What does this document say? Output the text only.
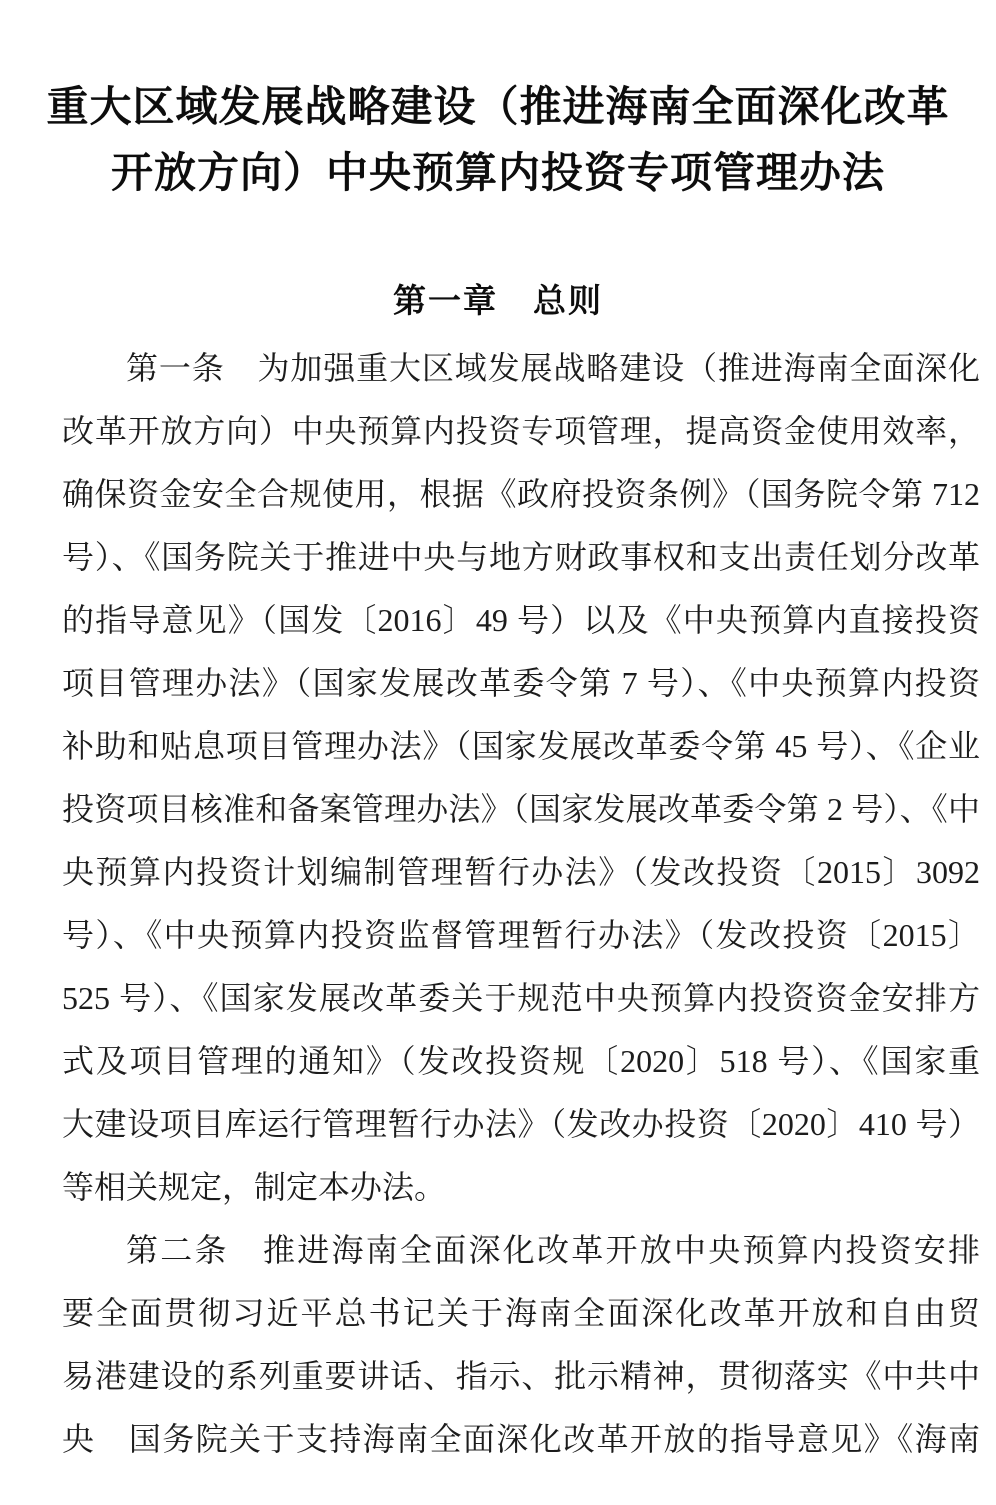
重大区域发展战略建设（推进海南全面深化改革
开放方向）中央预算内投资专项管理办法
第一章　总则
第一条　为加强重大区域发展战略建设（推进海南全面深化
改革开放方向）中央预算内投资专项管理，提高资金使用效率，
确保资金安全合规使用，根据《政府投资条例》（国务院令第 712
号）、《国务院关于推进中央与地方财政事权和支出责任划分改革
的指导意见》（国发〔2016〕49 号）以及《中央预算内直接投资
项目管理办法》（国家发展改革委令第 7 号）、《中央预算内投资
补助和贴息项目管理办法》（国家发展改革委令第 45 号）、《企业
投资项目核准和备案管理办法》（国家发展改革委令第 2 号）、《中
央预算内投资计划编制管理暂行办法》（发改投资〔2015〕3092
号）、《中央预算内投资监督管理暂行办法》（发改投资〔2015〕
525 号）、《国家发展改革委关于规范中央预算内投资资金安排方
式及项目管理的通知》（发改投资规〔2020〕518 号）、《国家重
大建设项目库运行管理暂行办法》（发改办投资〔2020〕410 号）
等相关规定，制定本办法。
第二条　推进海南全面深化改革开放中央预算内投资安排
要全面贯彻习近平总书记关于海南全面深化改革开放和自由贸
易港建设的系列重要讲话、指示、批示精神，贯彻落实《中共中
央　国务院关于支持海南全面深化改革开放的指导意见》《海南
